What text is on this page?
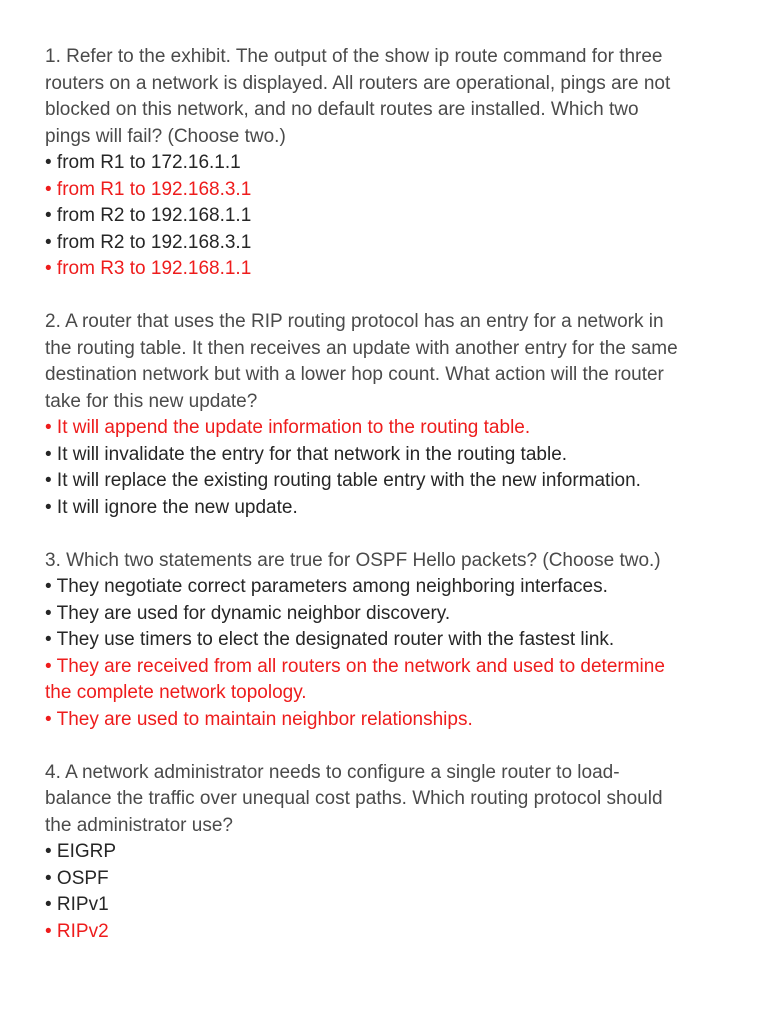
1. Refer to the exhibit. The output of the show ip route command for three
routers on a network is displayed. All routers are operational, pings are not
blocked on this network, and no default routes are installed. Which two
pings will fail? (Choose two.)
• from R1 to 172.16.1.1
• from R1 to 192.168.3.1
• from R2 to 192.168.1.1
• from R2 to 192.168.3.1
• from R3 to 192.168.1.1
2. A router that uses the RIP routing protocol has an entry for a network in
the routing table. It then receives an update with another entry for the same
destination network but with a lower hop count. What action will the router
take for this new update?
• It will append the update information to the routing table.
• It will invalidate the entry for that network in the routing table.
• It will replace the existing routing table entry with the new information.
• It will ignore the new update.
3. Which two statements are true for OSPF Hello packets? (Choose two.)
• They negotiate correct parameters among neighboring interfaces.
• They are used for dynamic neighbor discovery.
• They use timers to elect the designated router with the fastest link.
• They are received from all routers on the network and used to determine
the complete network topology.
• They are used to maintain neighbor relationships.
4. A network administrator needs to configure a single router to load-
balance the traffic over unequal cost paths. Which routing protocol should
the administrator use?
• EIGRP
• OSPF
• RIPv1
• RIPv2
